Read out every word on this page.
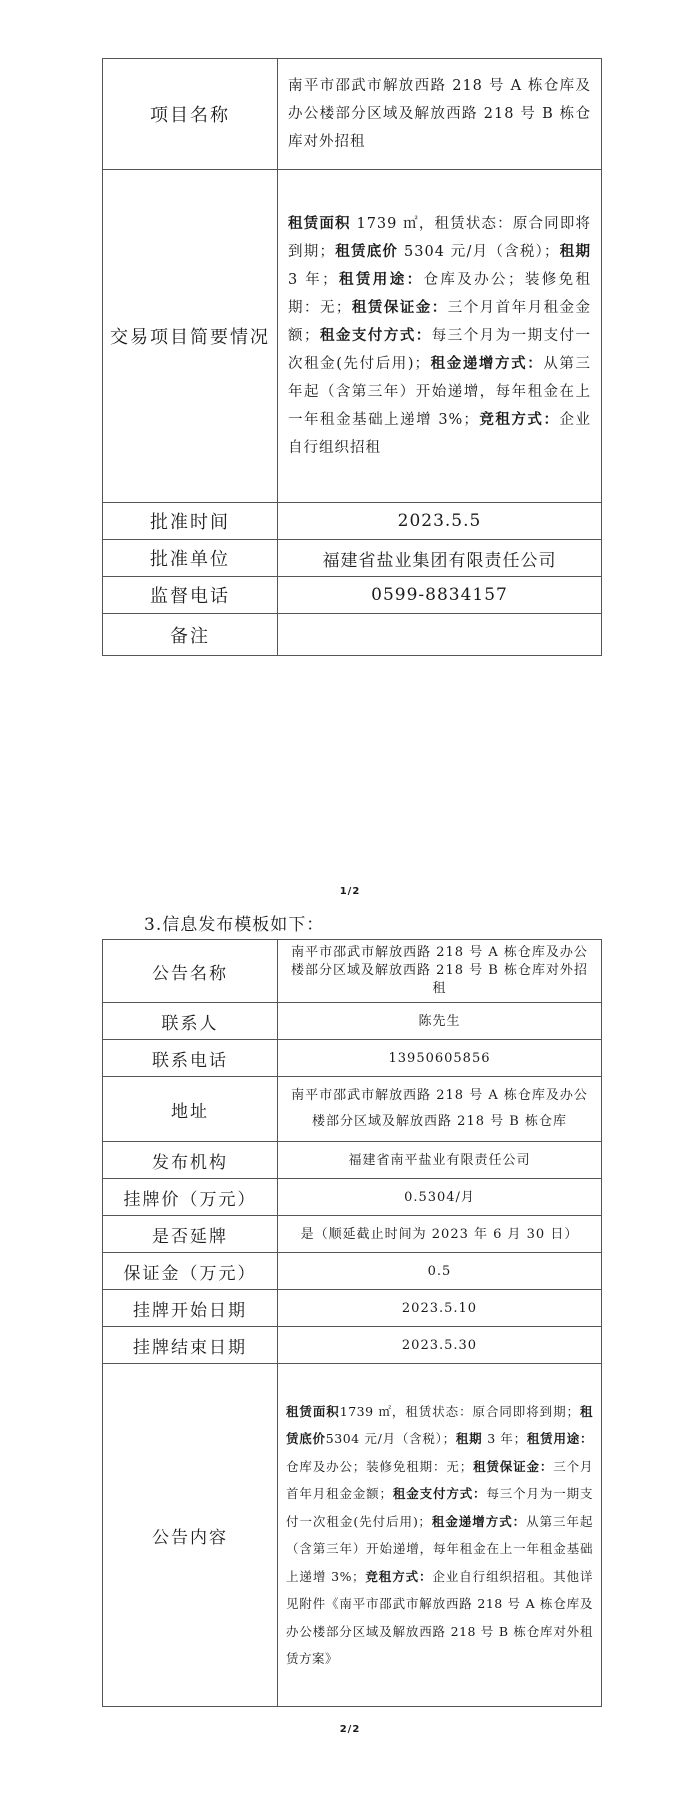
项目名称	南平市邵武市解放西路 218 号 A 栋仓库及办公楼部分区域及解放西路 218 号 B 栋仓库对外招租
交易项目简要情况	租赁面积 1739 ㎡，租赁状态：原合同即将到期；租赁底价 5304 元/月（含税）；租期 3 年；租赁用途：仓库及办公；装修免租期：无；租赁保证金：三个月首年月租金金额；租金支付方式：每三个月为一期支付一次租金(先付后用)；租金递增方式：从第三年起（含第三年）开始递增，每年租金在上一年租金基础上递增 3%；竞租方式：企业自行组织招租
批准时间	2023.5.5
批准单位	福建省盐业集团有限责任公司
监督电话	0599-8834157
备注	
1/2
3.信息发布模板如下：
公告名称	南平市邵武市解放西路 218 号 A 栋仓库及办公楼部分区域及解放西路 218 号 B 栋仓库对外招租
联系人	陈先生
联系电话	13950605856
地址	南平市邵武市解放西路 218 号 A 栋仓库及办公楼部分区域及解放西路 218 号 B 栋仓库
发布机构	福建省南平盐业有限责任公司
挂牌价（万元）	0.5304/月
是否延牌	是（顺延截止时间为 2023 年 6 月 30 日）
保证金（万元）	0.5
挂牌开始日期	2023.5.10
挂牌结束日期	2023.5.30
公告内容	租赁面积1739 ㎡，租赁状态：原合同即将到期；租赁底价5304 元/月（含税）；租期 3 年；租赁用途：仓库及办公；装修免租期：无；租赁保证金：三个月首年月租金金额；租金支付方式：每三个月为一期支付一次租金(先付后用)；租金递增方式：从第三年起（含第三年）开始递增，每年租金在上一年租金基础上递增 3%；竞租方式：企业自行组织招租。其他详见附件《南平市邵武市解放西路 218 号 A 栋仓库及办公楼部分区域及解放西路 218 号 B 栋仓库对外租赁方案》
2/2
